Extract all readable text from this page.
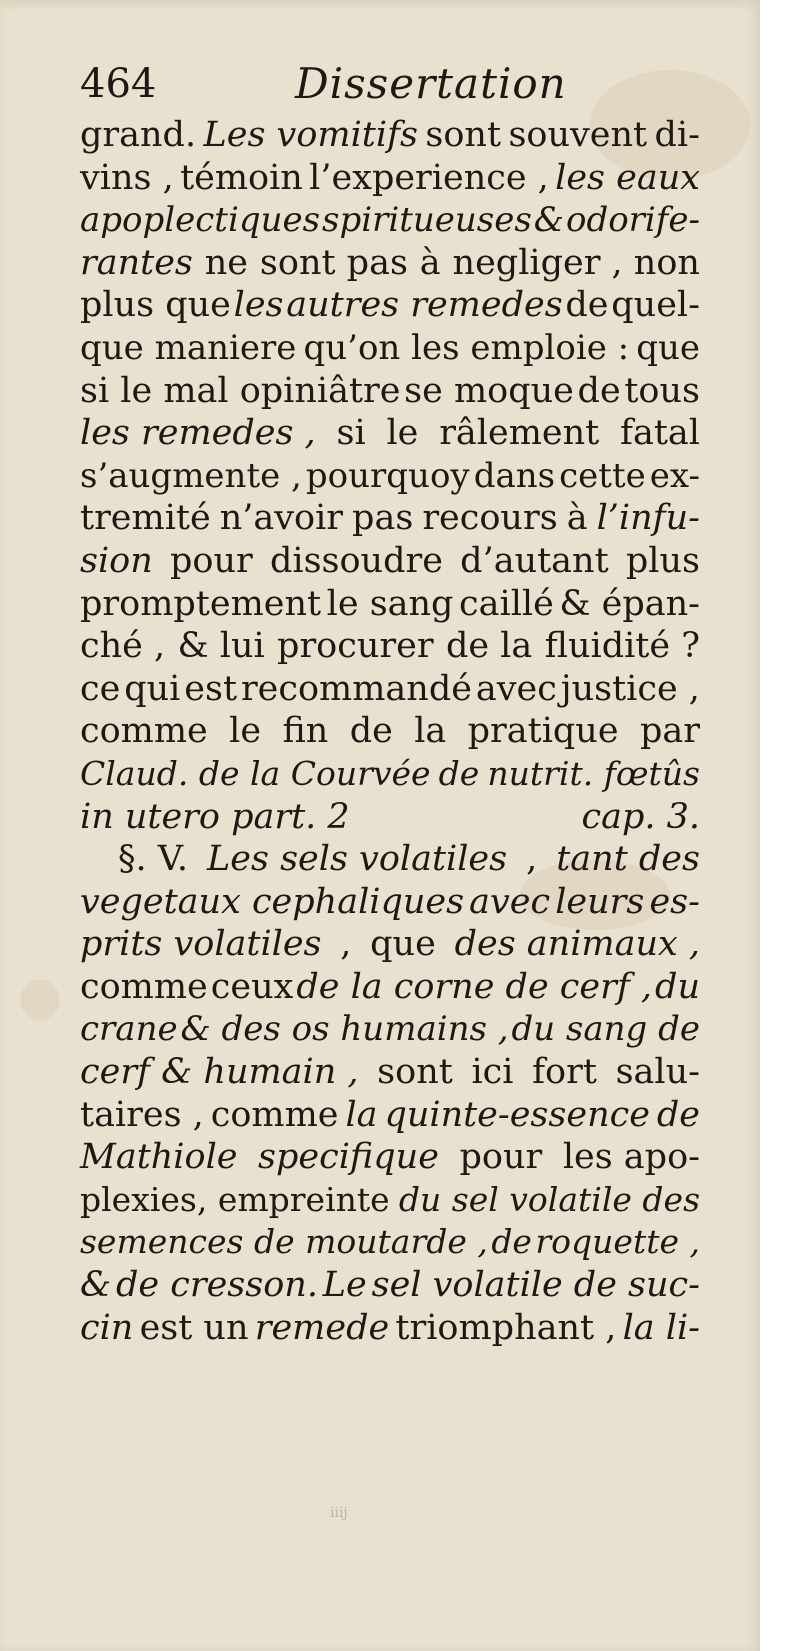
464	Dissertation
grand. Les vomitifs sont souvent di-
vins , témoin l’experience , les eaux
apoplectiques spiritueuses & odorife-
rantes ne sont pas à negliger , non
plus que les autres remedes de quel-
que maniere qu’on les emploie : que
si le mal opiniâtre se moque de tous
les remedes , si le râlement fatal
s’augmente , pourquoy dans cette ex-
tremité n’avoir pas recours à l’infu-
sion pour dissoudre d’autant plus
promptement le sang caillé & épan-
ché , & lui procurer de la fluidité ?
ce qui est recommandé avec justice ,
comme le fin de la pratique par
Claud. de la Courvée de nutrit. fœtûs
in utero part. 2	cap. 3.
§. V. Les sels volatiles , tant des
vegetaux cephaliques avec leurs es-
prits volatiles , que des animaux ,
comme ceux de la corne de cerf , du
crane & des os humains , du sang de
cerf & humain , sont ici fort salu-
taires , comme la quinte-essence de
Mathiole specifique pour les apo-
plexies, empreinte du sel volatile des
semences de moutarde , de roquette ,
& de cresson. Le sel volatile de suc-
cin est un remede triomphant , la li-
iiij
